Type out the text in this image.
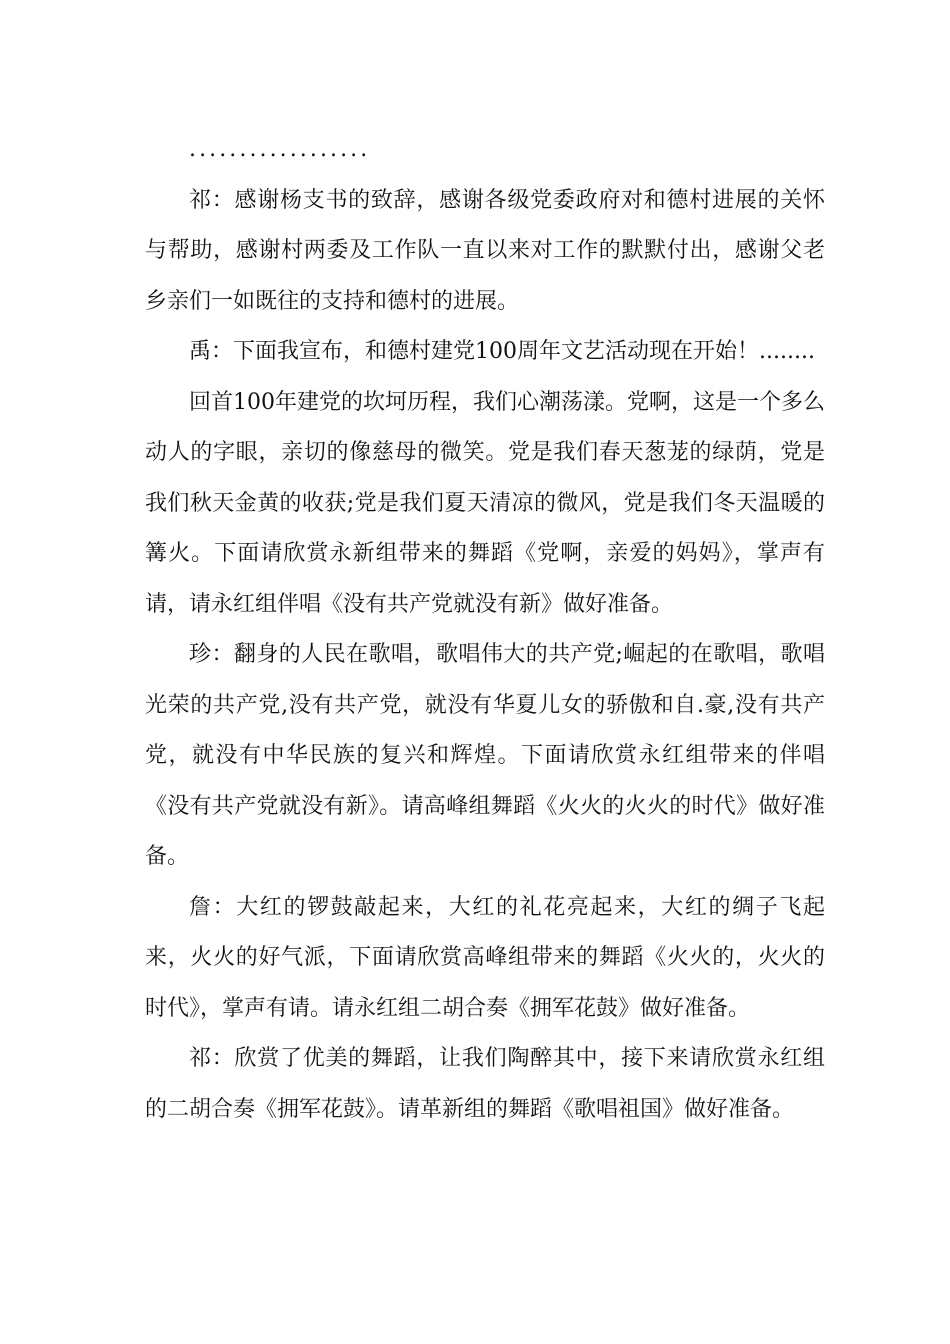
..................

祁：感谢杨支书的致辞，感谢各级党委政府对和德村进展的关怀与帮助，感谢村两委及工作队一直以来对工作的默默付出，感谢父老乡亲们一如既往的支持和德村的进展。

禹：下面我宣布，和德村建党100周年文艺活动现在开始！........

回首100年建党的坎坷历程，我们心潮荡漾。党啊，这是一个多么动人的字眼，亲切的像慈母的微笑。党是我们春天葱茏的绿荫，党是我们秋天金黄的收获;党是我们夏天清凉的微风，党是我们冬天温暖的篝火。下面请欣赏永新组带来的舞蹈《党啊，亲爱的妈妈》，掌声有请，请永红组伴唱《没有共产党就没有新》做好准备。

珍：翻身的人民在歌唱，歌唱伟大的共产党;崛起的在歌唱，歌唱光荣的共产党,没有共产党，就没有华夏儿女的骄傲和自.豪,没有共产党，就没有中华民族的复兴和辉煌。下面请欣赏永红组带来的伴唱《没有共产党就没有新》。请高峰组舞蹈《火火的火火的时代》做好准备。

詹：大红的锣鼓敲起来，大红的礼花亮起来，大红的绸子飞起来，火火的好气派，下面请欣赏高峰组带来的舞蹈《火火的，火火的时代》，掌声有请。请永红组二胡合奏《拥军花鼓》做好准备。

祁：欣赏了优美的舞蹈，让我们陶醉其中，接下来请欣赏永红组的二胡合奏《拥军花鼓》。请革新组的舞蹈《歌唱祖国》做好准备。
